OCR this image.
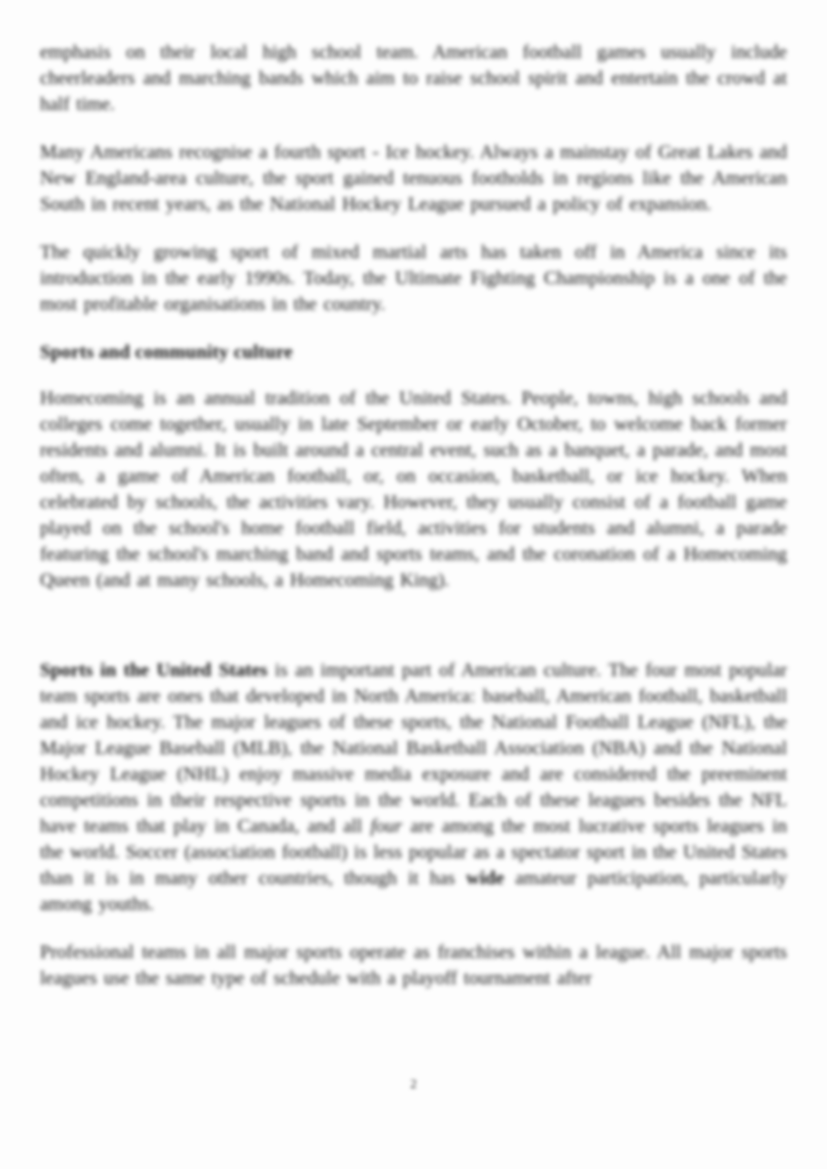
emphasis on their local high school team. American football games usually include cheerleaders and marching bands which aim to raise school spirit and entertain the crowd at half time.

Many Americans recognise a fourth sport - Ice hockey. Always a mainstay of Great Lakes and New England-area culture, the sport gained tenuous footholds in regions like the American South in recent years, as the National Hockey League pursued a policy of expansion.

The quickly growing sport of mixed martial arts has taken off in America since its introduction in the early 1990s. Today, the Ultimate Fighting Championship is a one of the most profitable organisations in the country.

Sports and community culture

Homecoming is an annual tradition of the United States. People, towns, high schools and colleges come together, usually in late September or early October, to welcome back former residents and alumni. It is built around a central event, such as a banquet, a parade, and most often, a game of American football, or, on occasion, basketball, or ice hockey. When celebrated by schools, the activities vary. However, they usually consist of a football game played on the school's home football field, activities for students and alumni, a parade featuring the school's marching band and sports teams, and the coronation of a Homecoming Queen (and at many schools, a Homecoming King).

Sports in the United States is an important part of American culture. The four most popular team sports are ones that developed in North America: baseball, American football, basketball and ice hockey. The major leagues of these sports, the National Football League (NFL), the Major League Baseball (MLB), the National Basketball Association (NBA) and the National Hockey League (NHL) enjoy massive media exposure and are considered the preeminent competitions in their respective sports in the world. Each of these leagues besides the NFL have teams that play in Canada, and all four are among the most lucrative sports leagues in the world. Soccer (association football) is less popular as a spectator sport in the United States than it is in many other countries, though it has wide amateur participation, particularly among youths.

Professional teams in all major sports operate as franchises within a league. All major sports leagues use the same type of schedule with a playoff tournament after

2
